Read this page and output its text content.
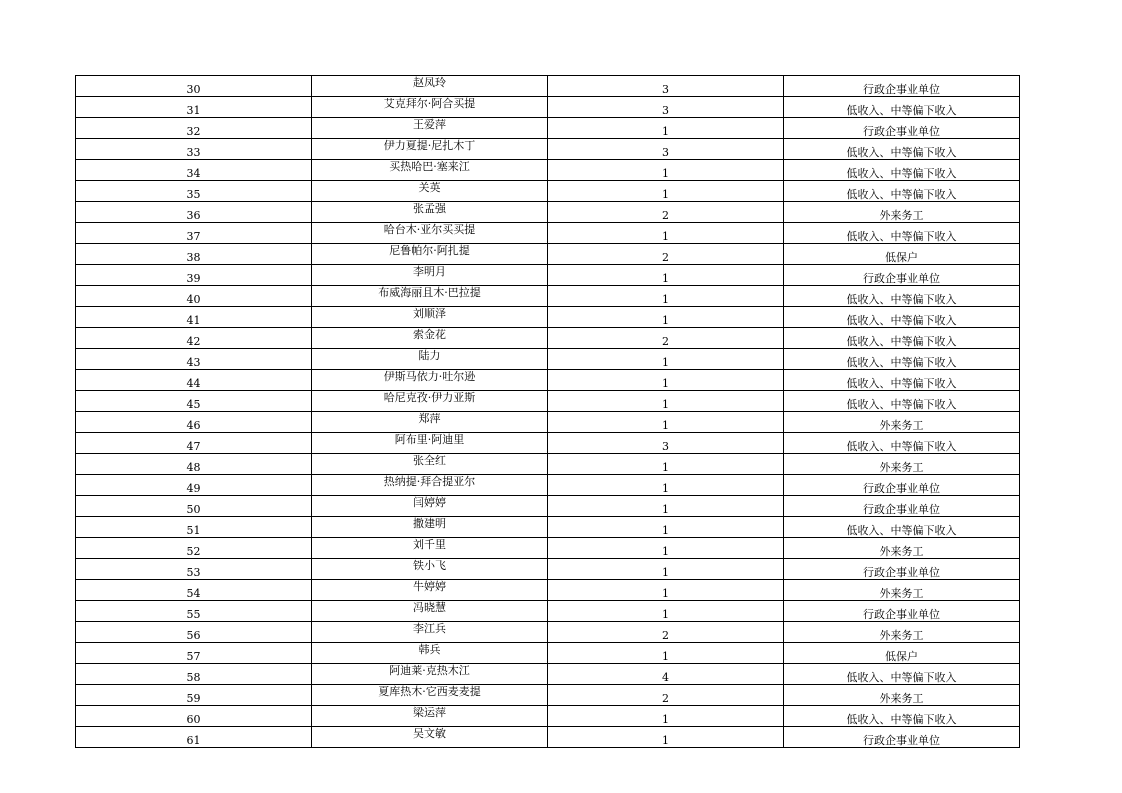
30	赵凤玲	3	行政企事业单位
31	艾克拜尔·阿合买提	3	低收入、中等偏下收入
32	王爱萍	1	行政企事业单位
33	伊力夏提·尼扎木丁	3	低收入、中等偏下收入
34	买热哈巴·塞来江	1	低收入、中等偏下收入
35	关英	1	低收入、中等偏下收入
36	张孟强	2	外来务工
37	哈台木·亚尔买买提	1	低收入、中等偏下收入
38	尼鲁帕尔·阿扎提	2	低保户
39	李明月	1	行政企事业单位
40	布威海丽且木·巴拉提	1	低收入、中等偏下收入
41	刘顺泽	1	低收入、中等偏下收入
42	索金花	2	低收入、中等偏下收入
43	陆力	1	低收入、中等偏下收入
44	伊斯马依力·吐尔逊	1	低收入、中等偏下收入
45	哈尼克孜·伊力亚斯	1	低收入、中等偏下收入
46	郑萍	1	外来务工
47	阿布里·阿迪里	3	低收入、中等偏下收入
48	张全红	1	外来务工
49	热纳提·拜合提亚尔	1	行政企事业单位
50	闫婷婷	1	行政企事业单位
51	撒建明	1	低收入、中等偏下收入
52	刘千里	1	外来务工
53	铁小飞	1	行政企事业单位
54	牛婷婷	1	外来务工
55	冯晓慧	1	行政企事业单位
56	李江兵	2	外来务工
57	韩兵	1	低保户
58	阿迪莱·克热木江	4	低收入、中等偏下收入
59	夏库热木·它西麦麦提	2	外来务工
60	梁运萍	1	低收入、中等偏下收入
61	吴文敏	1	行政企事业单位
